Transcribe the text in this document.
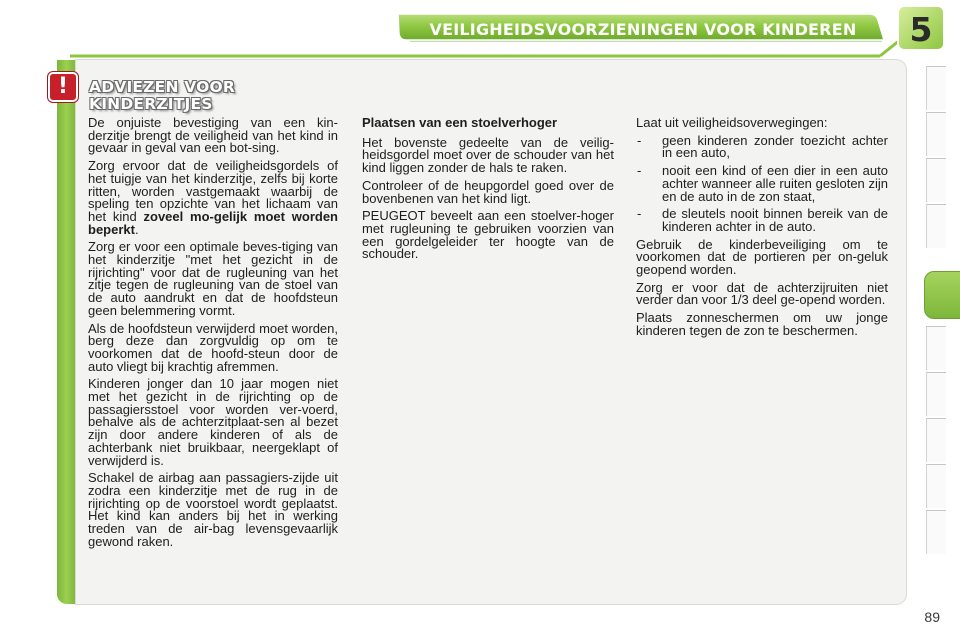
VEILIGHEIDSVOORZIENINGEN VOOR KINDEREN	5
!	ADVIEZEN VOOR
KINDERZITJES

De onjuiste bevestiging van een kin-derzitje brengt de veiligheid van het kind in gevaar in geval van een bot-sing.

Zorg ervoor dat de veiligheidsgordels of het tuigje van het kinderzitje, zelfs bij korte ritten, worden vastgemaakt waarbij de speling ten opzichte van het lichaam van het kind zoveel mo-gelijk moet worden beperkt.

Zorg er voor een optimale beves-tiging van het kinderzitje "met het gezicht in de rijrichting" voor dat de rugleuning van het zitje tegen de rugleuning van de stoel van de auto aandrukt en dat de hoofdsteun geen belemmering vormt.

Als de hoofdsteun verwijderd moet worden, berg deze dan zorgvuldig op om te voorkomen dat de hoofd-steun door de auto vliegt bij krachtig afremmen.

Kinderen jonger dan 10 jaar mogen niet met het gezicht in de rijrichting op de passagiersstoel voor worden ver-voerd, behalve als de achterzitplaat-sen al bezet zijn door andere kinderen of als de achterbank niet bruikbaar, neergeklapt of verwijderd is.

Schakel de airbag aan passagiers-zijde uit zodra een kinderzitje met de rug in de rijrichting op de voorstoel wordt geplaatst. Het kind kan anders bij het in werking treden van de air-bag levensgevaarlijk gewond raken.

Plaatsen van een stoelverhoger

Het bovenste gedeelte van de veilig-heidsgordel moet over de schouder van het kind liggen zonder de hals te raken.

Controleer of de heupgordel goed over de bovenbenen van het kind ligt.

PEUGEOT beveelt aan een stoelver-hoger met rugleuning te gebruiken voorzien van een gordelgeleider ter hoogte van de schouder.

Laat uit veiligheidsoverwegingen:

- geen kinderen zonder toezicht achter in een auto,
- nooit een kind of een dier in een auto achter wanneer alle ruiten gesloten zijn en de auto in de zon staat,
- de sleutels nooit binnen bereik van de kinderen achter in de auto.

Gebruik de kinderbeveiliging om te voorkomen dat de portieren per on-geluk geopend worden.

Zorg er voor dat de achterzijruiten niet verder dan voor 1/3 deel ge-opend worden.

Plaats zonneschermen om uw jonge kinderen tegen de zon te beschermen.

89
